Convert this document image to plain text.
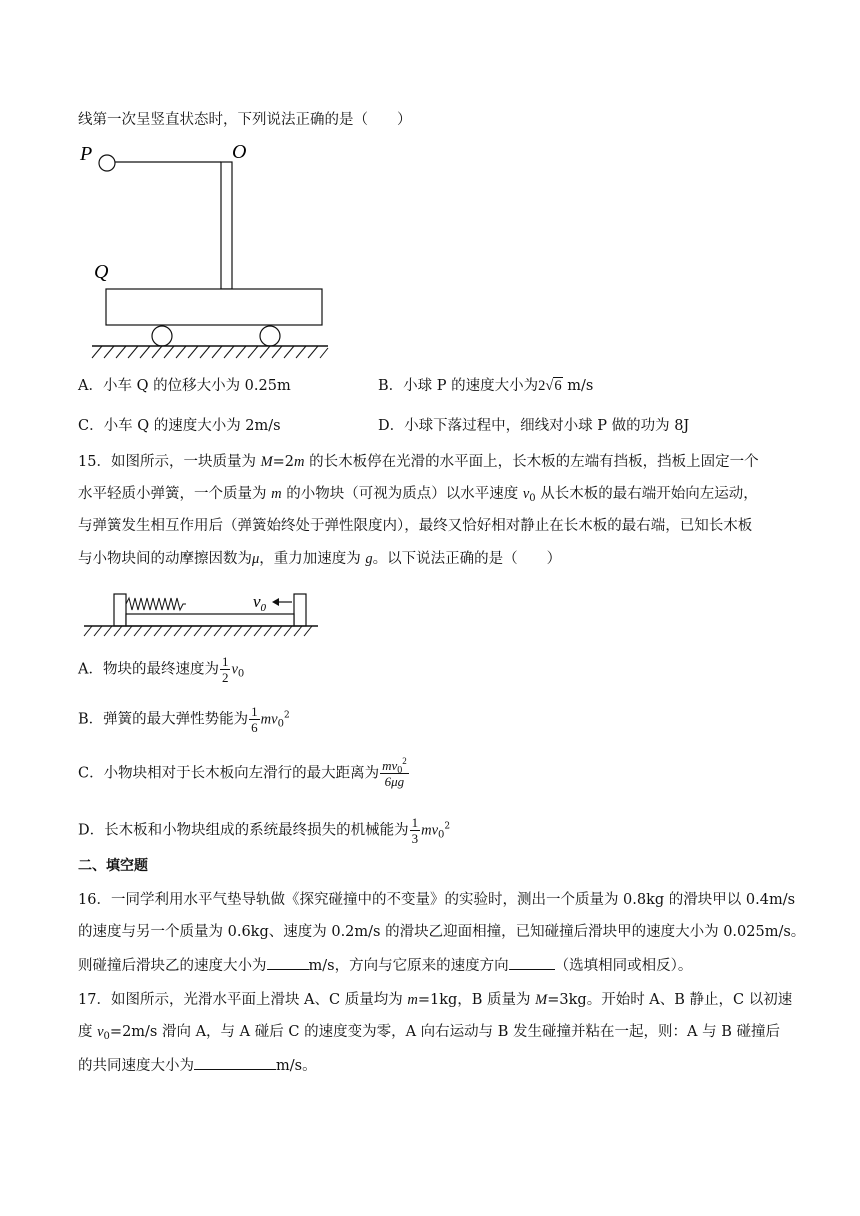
线第一次呈竖直状态时，下列说法正确的是（　　）
P	O
Q
A．小车 Q 的位移大小为 0.25m	B．小球 P 的速度大小为2√6 m/s
C．小车 Q 的速度大小为 2m/s	D．小球下落过程中，细线对小球 P 做的功为 8J
15．如图所示，一块质量为 M=2m 的长木板停在光滑的水平面上，长木板的左端有挡板，挡板上固定一个
水平轻质小弹簧，一个质量为 m 的小物块（可视为质点）以水平速度 $v_0$ 从长木板的最右端开始向左运动，
与弹簧发生相互作用后（弹簧始终处于弹性限度内），最终又恰好相对静止在长木板的最右端，已知长木板
与小物块间的动摩擦因数为μ，重力加速度为 g。以下说法正确的是（　　）
$v_0$
A．物块的最终速度为 $\frac{1}{2} v_0$
B．弹簧的最大弹性势能为 $\frac{1}{6} mv_0^2$
C．小物块相对于长木板向左滑行的最大距离为 $\frac{mv_0^2}{6\mu g}$
D．长木板和小物块组成的系统最终损失的机械能为 $\frac{1}{3} mv_0^2$
二、填空题
16．一同学利用水平气垫导轨做《探究碰撞中的不变量》的实验时，测出一个质量为 0.8kg 的滑块甲以 0.4m/s
的速度与另一个质量为 0.6kg、速度为 0.2m/s 的滑块乙迎面相撞，已知碰撞后滑块甲的速度大小为 0.025m/s。
则碰撞后滑块乙的速度大小为	m/s，方向与它原来的速度方向	（选填相同或相反）。
17．如图所示，光滑水平面上滑块 A、C 质量均为 m=1kg，B 质量为 M=3kg。开始时 A、B 静止，C 以初速
度 $v_0=2m/s$ 滑向 A，与 A 碰后 C 的速度变为零，A 向右运动与 B 发生碰撞并粘在一起，则：A 与 B 碰撞后
的共同速度大小为	m/s。
